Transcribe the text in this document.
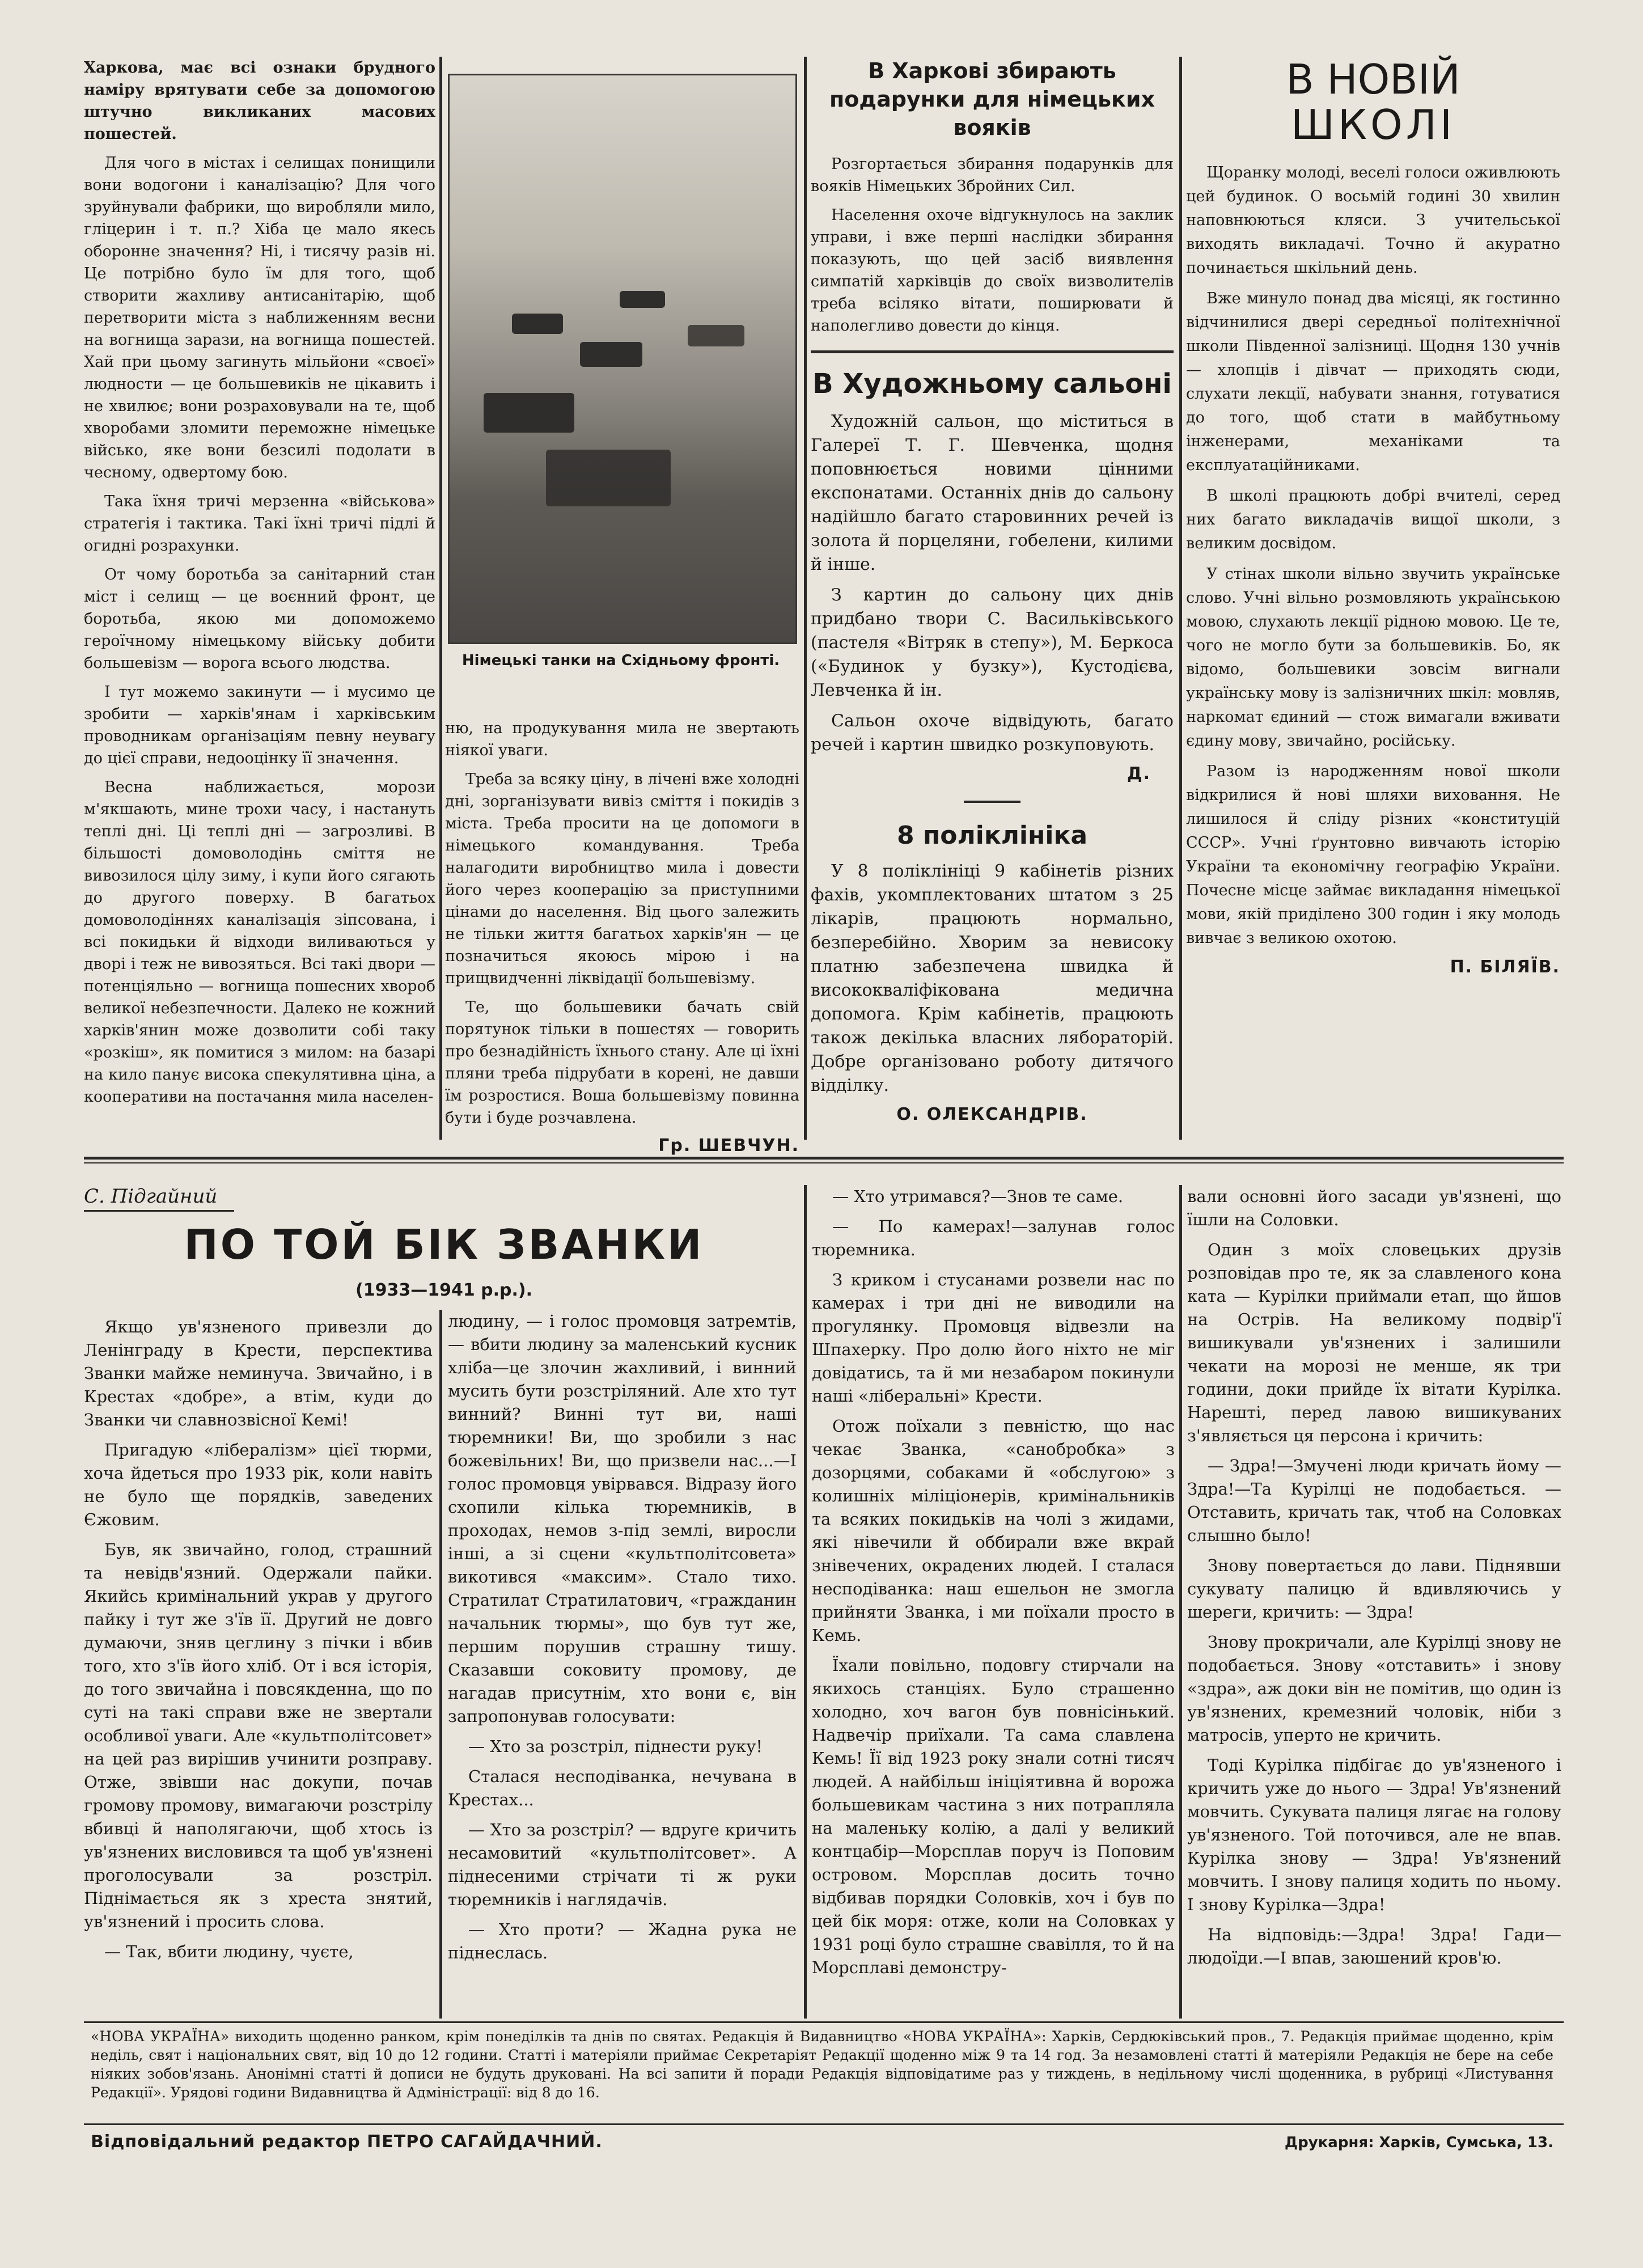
Харкова, має всі ознаки брудного наміру врятувати себе за допомогою штучно викликаних масових пошестей.

Для чого в містах і селищах понищили вони водогони і каналізацію? Для чого зруйнували фабрики, що виробляли мило, гліцерин і т. п.? Хіба це мало якесь оборонне значення? Ні, і тисячу разів ні. Це потрібно було їм для того, щоб створити жахливу антисанітарію, щоб перетворити міста з наближенням весни на вогнища зарази, на вогнища пошестей. Хай при цьому загинуть мільйони «своєї» людности — це большевиків не цікавить і не хвилює; вони розраховували на те, щоб хворобами зломити переможне німецьке військо, яке вони безсилі подолати в чесному, одвертому бою.

Така їхня тричі мерзенна «військова» стратегія і тактика. Такі їхні тричі підлі й огидні розрахунки.

От чому боротьба за санітарний стан міст і селищ — це воєнний фронт, це боротьба, якою ми допоможемо героїчному німецькому війську добити большевізм — ворога всього людства.

І тут можемо закинути — і мусимо це зробити — харків'янам і харківським проводникам організаціям певну неувагу до цієї справи, недооцінку її значення.

Весна наближається, морози м'якшають, мине трохи часу, і настануть теплі дні. Ці теплі дні — загрозливі. В більшості домоволодінь сміття не вивозилося цілу зиму, і купи його сягають до другого поверху. В багатьох домоволодіннях каналізація зіпсована, і всі покидьки й відходи виливаються у дворі і теж не вивозяться. Всі такі двори — потенціяльно — вогнища пошесних хвороб великої небезпечности. Далеко не кожний харків'янин може дозволити собі таку «розкіш», як помитися з милом: на базарі на кило панує висока спекулятивна ціна, а кооперативи на постачання мила населен-

Німецькі танки на Східньому фронті.

ню, на продукування мила не звертають ніякої уваги.

Треба за всяку ціну, в лічені вже холодні дні, зорганізувати вивіз сміття і покидів з міста. Треба просити на це допомоги в німецького командування. Треба налагодити виробництво мила і довести його через кооперацію за приступними цінами до населення. Від цього залежить не тільки життя багатьох харків'ян — це позначиться якоюсь мірою і на прищвидченні ліквідації большевізму.

Те, що большевики бачать свій порятунок тільки в пошестях — говорить про безнадійність їхнього стану. Але ці їхні пляни треба підрубати в корені, не давши їм розростися. Воша большевізму повинна бути і буде розчавлена.

Гр. ШЕВЧУН.
В Харкові збирають подарунки для німецьких вояків

Розгортається збирання подарунків для вояків Німецьких Збройних Сил.

Населення охоче відгукнулось на заклик управи, і вже перші наслідки збирання показують, що цей засіб виявлення симпатій харківців до своїх визволителів треба всіляко вітати, поширювати й наполегливо довести до кінця.

В Художньому сальоні

Художній сальон, що міститься в Галереї Т. Г. Шевченка, щодня поповнюється новими цінними експонатами. Останніх днів до сальону надійшло багато старовинних речей із золота й порцеляни, гобелени, килими й інше.

З картин до сальону цих днів придбано твори С. Васильківського (пастеля «Вітряк в степу»), М. Беркоса («Будинок у бузку»), Кустодієва, Левченка й ін.

Сальон охоче відвідують, багато речей і картин швидко розкуповують.

Д.
8 поліклініка

У 8 поліклініці 9 кабінетів різних фахів, укомплектованих штатом з 25 лікарів, працюють нормально, безперебійно. Хворим за невисоку платню забезпечена швидка й висококваліфікована медична допомога. Крім кабінетів, працюють також декілька власних лябораторій. Добре організовано роботу дитячого відділку.

О. ОЛЕКСАНДРІВ.
В НОВІЙ
ШКОЛІ

Щоранку молоді, веселі голоси оживлюють цей будинок. О восьмій годині 30 хвилин наповнюються кляси. З учительської виходять викладачі. Точно й акуратно починається шкільний день.

Вже минуло понад два місяці, як гостинно відчинилися двері середньої політехнічної школи Південної залізниці. Щодня 130 учнів — хлопців і дівчат — приходять сюди, слухати лекції, набувати знання, готуватися до того, щоб стати в майбутньому інженерами, механіками та експлуатаційниками.

В школі працюють добрі вчителі, серед них багато викладачів вищої школи, з великим досвідом.

У стінах школи вільно звучить українське слово. Учні вільно розмовляють українською мовою, слухають лекції рідною мовою. Це те, чого не могло бути за большевиків. Бо, як відомо, большевики зовсім вигнали українську мову із залізничних шкіл: мовляв, наркомат єдиний — стож вимагали вживати єдину мову, звичайно, російську.

Разом із народженням нової школи відкрилися й нові шляхи виховання. Не лишилося й сліду різних «конституцій СССР». Учні ґрунтовно вивчають історію України та економічну географію України. Почесне місце займає викладання німецької мови, якій приділено 300 годин і яку молодь вивчає з великою охотою.

П. БІЛЯЇВ.
С. Підгайний
ПО ТОЙ БІК ЗВАНКИ
(1933—1941 р.р.).

Якщо ув'язненого привезли до Ленінграду в Крести, перспектива Званки майже неминуча. Звичайно, і в Крестах «добре», а втім, куди до Званки чи славнозвісної Кемі!

Пригадую «лібералізм» цієї тюрми, хоча йдеться про 1933 рік, коли навіть не було ще порядків, заведених Єжовим.

Був, як звичайно, голод, страшний та невідв'язний. Одержали пайки. Якийсь кримінальний украв у другого пайку і тут же з'їв її. Другий не довго думаючи, зняв цеглину з пічки і вбив того, хто з'їв його хліб. От і вся історія, до того звичайна і повсякденна, що по суті на такі справи вже не звертали особливої уваги. Але «культполітсовет» на цей раз вирішив учинити розправу. Отже, звівши нас докупи, почав громову промову, вимагаючи розстрілу вбивці й наполягаючи, щоб хтось із ув'язнених висловився та щоб ув'язнені проголосували за розстріл. Піднімається як з хреста знятий, ув'язнений і просить слова.

— Так, вбити людину, чуєте,

людину, — і голос промовця затремтів, — вбити людину за маленський кусник хліба—це злочин жахливий, і винний мусить бути розстріляний. Але хто тут винний? Винні тут ви, наші тюремники! Ви, що зробили з нас божевільних! Ви, що призвели нас...—І голос промовця увірвався. Відразу його схопили кілька тюремників, в проходах, немов з-під землі, виросли інші, а зі сцени «культполітсовета» викотився «максим». Стало тихо. Стратилат Стратилатович, «гражданин начальник тюрмы», що був тут же, першим порушив страшну тишу. Сказавши соковиту промову, де нагадав присутнім, хто вони є, він запропонував голосувати:

— Хто за розстріл, піднести руку!

Сталася несподіванка, нечувана в Крестах...

— Хто за розстріл? — вдруге кричить несамовитий «культполітсовет». А піднесеними стрічати ті ж руки тюремників і наглядачів.

— Хто проти? — Жадна рука не піднеслась.

— Хто утримався?—Знов те саме.

— По камерах!—залунав голос тюремника.

З криком і стусанами розвели нас по камерах і три дні не виводили на прогулянку. Промовця відвезли на Шпахерку. Про долю його ніхто не міг довідатись, та й ми незабаром покинули наші «ліберальні» Крести.

Отож поїхали з певністю, що нас чекає Званка, «санобробка» з дозорцями, собаками й «обслугою» з колишніх міліціонерів, кримінальників та всяких покидьків на чолі з жидами, які нівечили й оббирали вже вкрай знівечених, окрадених людей. І сталася несподіванка: наш ешельон не змогла прийняти Званка, і ми поїхали просто в Кемь.

Їхали повільно, подовгу стирчали на якихось станціях. Було страшенно холодно, хоч вагон був повнісінький. Надвечір приїхали. Та сама славлена Кемь! Її від 1923 року знали сотні тисяч людей. А найбільш ініціятивна й ворожа большевикам частина з них потрапляла на маленьку колію, а далі у великий контцабір—Морсплав поруч із Поповим островом. Морсплав досить точно відбивав порядки Соловків, хоч і був по цей бік моря: отже, коли на Соловках у 1931 році було страшне свавілля, то й на Морсплаві демонстру-

вали основні його засади ув'язнені, що їшли на Соловки.

Один з моїх словецьких друзів розповідав про те, як за славленого кона ката — Курілки приймали етап, що йшов на Острів. На великому подвір'ї вишикували ув'язнених і залишили чекати на морозі не менше, як три години, доки прийде їх вітати Курілка. Нарешті, перед лавою вишикуваних з'являється ця персона і кричить:

— Здра!—Змучені люди кричать йому — Здра!—Та Курілці не подобається. — Отставить, кричать так, чтоб на Соловках слышно было!

Знову повертається до лави. Піднявши сукувату палицю й вдивляючись у шереги, кричить: — Здра!

Знову прокричали, але Курілці знову не подобається. Знову «отставить» і знову «здра», аж доки він не помітив, що один із ув'язнених, кремезний чоловік, ніби з матросів, уперто не кричить.

Тоді Курілка підбігає до ув'язненого і кричить уже до нього — Здра! Ув'язнений мовчить. Сукувата палиця лягає на голову ув'язненого. Той поточився, але не впав. Курілка знову — Здра! Ув'язнений мовчить. І знову палиця ходить по ньому. І знову Курілка—Здра!

На відповідь:—Здра! Здра! Гади—людоїди.—І впав, заюшений кров'ю.

«НОВА УКРАЇНА» виходить щоденно ранком, крім понеділків та днів по святах. Редакція й Видавництво «НОВА УКРАЇНА»: Харків, Сердюківський пров., 7. Редакція приймає щоденно, крім неділь, свят і національних свят, від 10 до 12 години. Статті і матеріяли приймає Секретаріят Редакції щоденно між 9 та 14 год. За незамовлені статті й матеріяли Редакція не бере на себе ніяких зобов'язань. Анонімні статті й дописи не будуть друковані. На всі запити й поради Редакція відповідатиме раз у тиждень, в недільному числі щоденника, в рубриці «Листування Редакції». Урядові години Видавництва й Адміністрації: від 8 до 16.
Відповідальний редактор ПЕТРО САГАЙДАЧНИЙ.	Друкарня: Харків, Сумська, 13.
